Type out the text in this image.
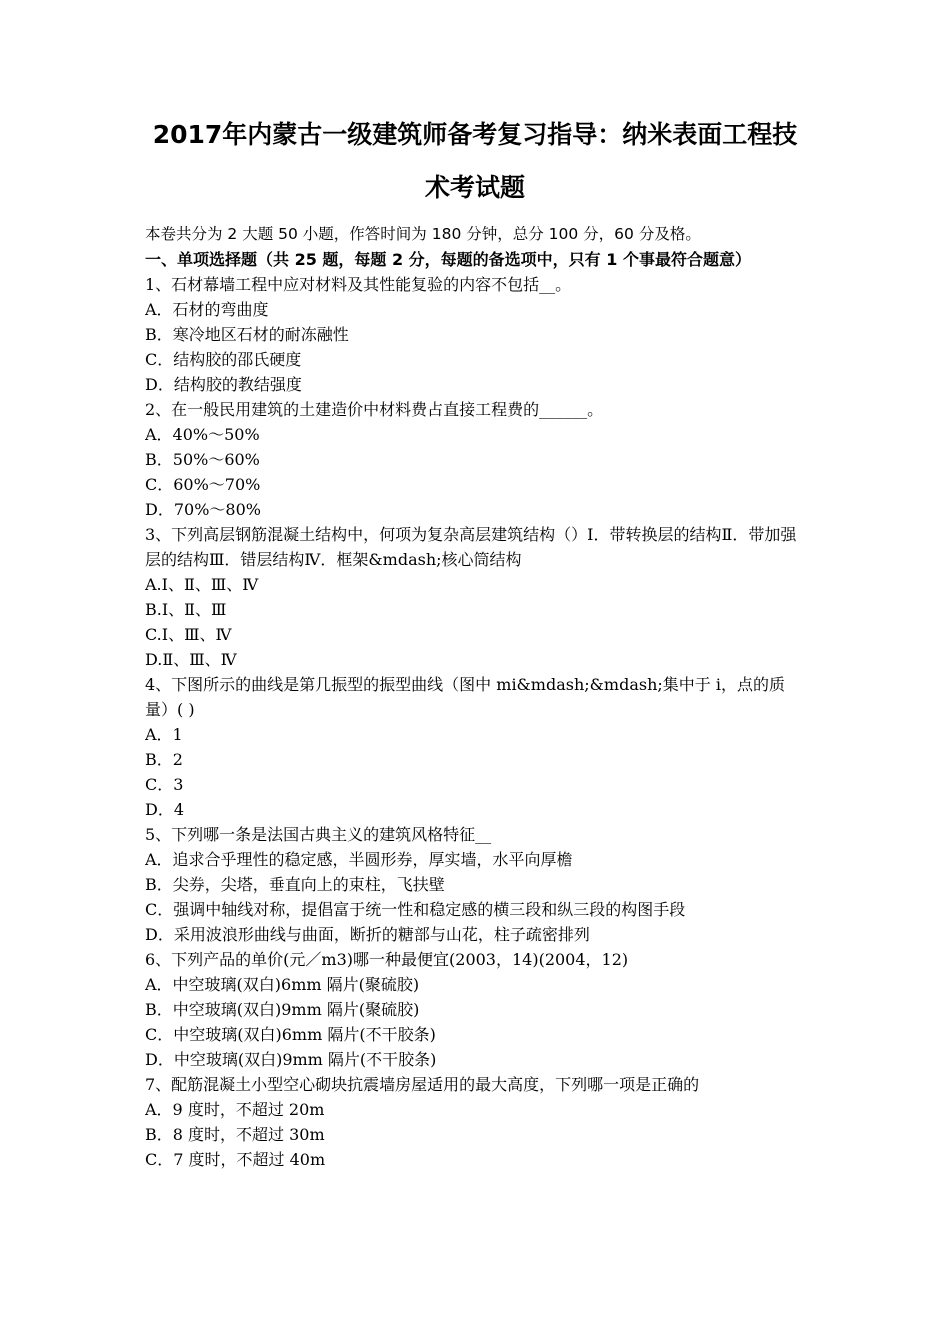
2017年内蒙古一级建筑师备考复习指导：纳米表面工程技
术考试题
本卷共分为 2 大题 50 小题，作答时间为 180 分钟，总分 100 分，60 分及格。
一、单项选择题（共 25 题，每题 2 分，每题的备选项中，只有 1 个事最符合题意）
1、石材幕墙工程中应对材料及其性能复验的内容不包括__。
A．石材的弯曲度
B．寒冷地区石材的耐冻融性
C．结构胶的邵氏硬度
D．结构胶的教结强度
2、在一般民用建筑的土建造价中材料费占直接工程费的______。
A．40%～50%
B．50%～60%
C．60%～70%
D．70%～80%
3、下列高层钢筋混凝土结构中，何项为复杂高层建筑结构（）Ⅰ．带转换层的结构Ⅱ．带加强层的结构Ⅲ．错层结构Ⅳ．框架&mdash;核心筒结构
A.Ⅰ、Ⅱ、Ⅲ、Ⅳ
B.Ⅰ、Ⅱ、Ⅲ
C.Ⅰ、Ⅲ、Ⅳ
D.Ⅱ、Ⅲ、Ⅳ
4、下图所示的曲线是第几振型的振型曲线（图中 mi&mdash;&mdash;集中于 i，点的质量）( )
A．1
B．2
C．3
D．4
5、下列哪一条是法国古典主义的建筑风格特征__
A．追求合乎理性的稳定感，半圆形券，厚实墙，水平向厚檐
B．尖券，尖塔，垂直向上的束柱，飞扶壁
C．强调中轴线对称，提倡富于统一性和稳定感的横三段和纵三段的构图手段
D．采用波浪形曲线与曲面，断折的糖部与山花，柱子疏密排列
6、下列产品的单价(元／m3)哪一种最便宜(2003，14)(2004，12)
A．中空玻璃(双白)6mm 隔片(聚硫胶)
B．中空玻璃(双白)9mm 隔片(聚硫胶)
C．中空玻璃(双白)6mm 隔片(不干胶条)
D．中空玻璃(双白)9mm 隔片(不干胶条)
7、配筋混凝土小型空心砌块抗震墙房屋适用的最大高度，下列哪一项是正确的
A．9 度时，不超过 20m
B．8 度时，不超过 30m
C．7 度时，不超过 40m
